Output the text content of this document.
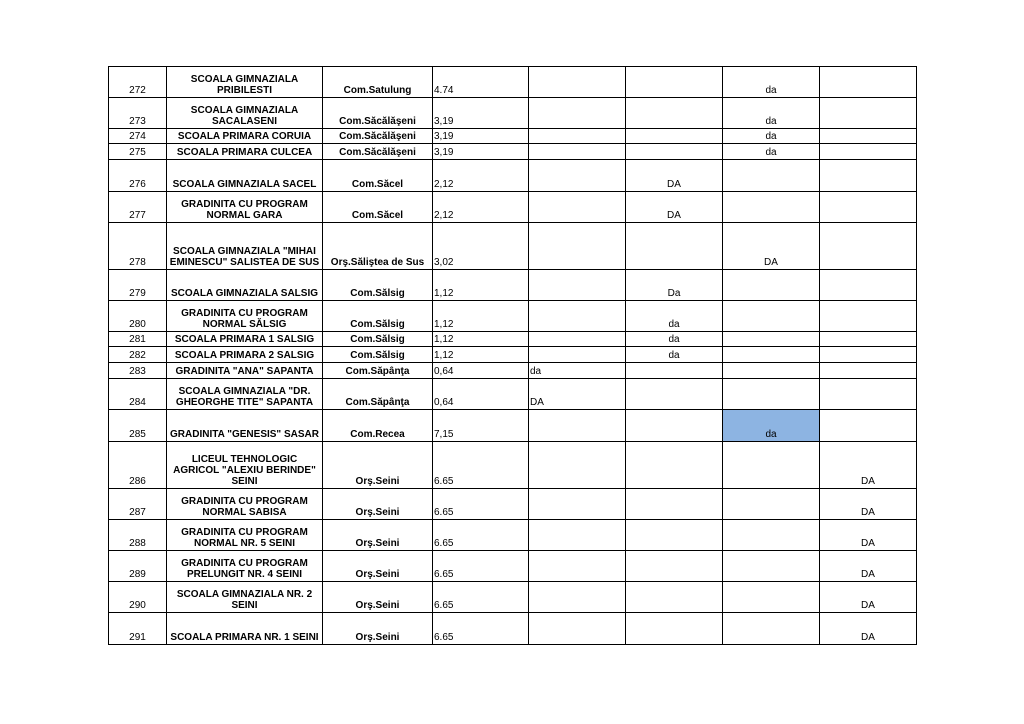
272	SCOALA GIMNAZIALA PRIBILESTI	Com.Satulung	4.74			da	
273	SCOALA GIMNAZIALA SACALASENI	Com.Săcălăşeni	3,19			da	
274	SCOALA PRIMARA CORUIA	Com.Săcălăşeni	3,19			da	
275	SCOALA PRIMARA CULCEA	Com.Săcălăşeni	3,19			da	
276	SCOALA GIMNAZIALA SACEL	Com.Săcel	2,12		DA		
277	GRADINITA CU PROGRAM NORMAL GARA	Com.Săcel	2,12		DA		
278	SCOALA GIMNAZIALA "MIHAI EMINESCU" SALISTEA DE SUS	Orş.Săliştea de Sus	3,02			DA	
279	SCOALA GIMNAZIALA SALSIG	Com.Sălsig	1,12		Da		
280	GRADINITA CU PROGRAM NORMAL SĂLSIG	Com.Sălsig	1,12		da		
281	SCOALA PRIMARA 1 SALSIG	Com.Sălsig	1,12		da		
282	SCOALA PRIMARA 2 SALSIG	Com.Sălsig	1,12		da		
283	GRADINITA "ANA" SAPANTA	Com.Săpânţa	0,64	da			
284	SCOALA GIMNAZIALA "DR. GHEORGHE TITE" SAPANTA	Com.Săpânţa	0,64	DA			
285	GRADINITA "GENESIS" SASAR	Com.Recea	7,15			da	
286	LICEUL TEHNOLOGIC AGRICOL "ALEXIU BERINDE" SEINI	Orş.Seini	6.65				DA
287	GRADINITA CU PROGRAM NORMAL SABISA	Orş.Seini	6.65				DA
288	GRADINITA CU PROGRAM NORMAL NR. 5 SEINI	Orş.Seini	6.65				DA
289	GRADINITA CU PROGRAM PRELUNGIT NR. 4 SEINI	Orş.Seini	6.65				DA
290	SCOALA GIMNAZIALA NR. 2 SEINI	Orş.Seini	6.65				DA
291	SCOALA PRIMARA NR. 1 SEINI	Orş.Seini	6.65				DA
